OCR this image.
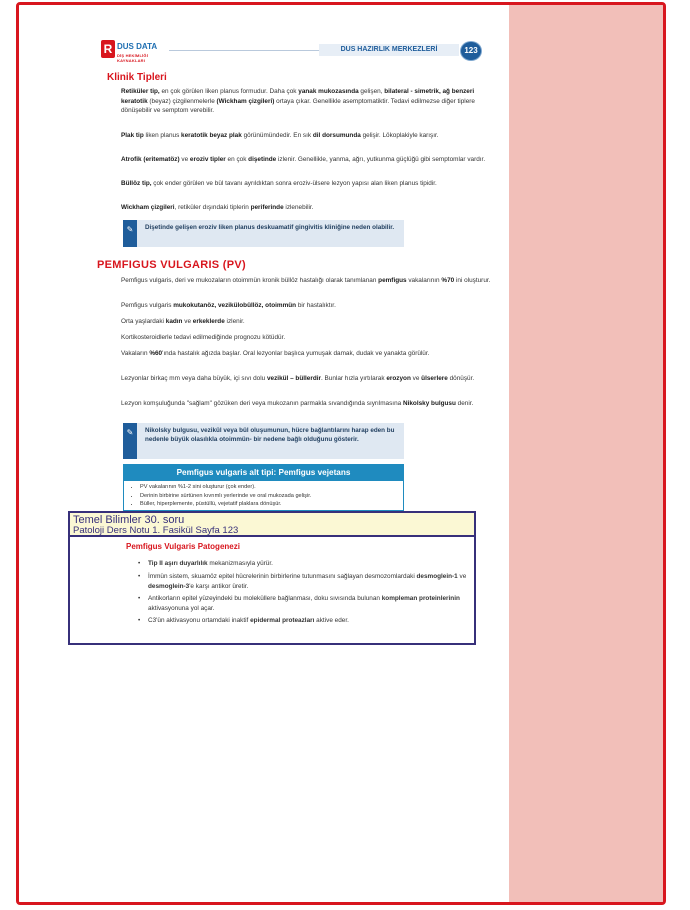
R DUS DATA
DİŞ HEKİMLİĞİ KAYNAKLARI
DUS HAZIRLIK MERKEZLERİ	123
Klinik Tipleri

Retiküler tip, en çok görülen liken planus formudur. Daha çok yanak mukozasında gelişen, bilateral - simetrik, ağ benzeri keratotik (beyaz) çizgilenmelerle (Wickham çizgileri) ortaya çıkar. Genellikle asemptomatiktir. Tedavi edilmezse diğer tiplere dönüşebilir ve semptom verebilir.

Plak tip liken planus keratotik beyaz plak görünümündedir. En sık dil dorsumunda gelişir. Lökoplakiyle karışır.

Atrofik (eritematöz) ve eroziv tipler en çok dişetinde izlenir. Genellikle, yanma, ağrı, yutkunma güçlüğü gibi semptomlar vardır.

Büllöz tip, çok ender görülen ve bül tavanı ayrıldıktan sonra eroziv-ülsere lezyon yapısı alan liken planus tipidir.

Wickham çizgileri, retiküler dışındaki tiplerin periferinde izlenebilir.

✎	Dişetinde gelişen eroziv liken planus deskuamatif gingivitis kliniğine neden olabilir.

PEMFIGUS VULGARIS (PV)

Pemfigus vulgaris, deri ve mukozaların otoimmün kronik büllöz hastalığı olarak tanımlanan pemfigus vakalarının %70 ini oluşturur.

Pemfigus vulgaris mukokutanöz, vezikülobüllöz, otoimmün bir hastalıktır.

Orta yaşlardaki kadın ve erkeklerde izlenir.

Kortikosteroidlerle tedavi edilmediğinde prognozu kötüdür.

Vakaların %60'ında hastalık ağızda başlar. Oral lezyonlar başlıca yumuşak damak, dudak ve yanakta görülür.

Lezyonlar birkaç mm veya daha büyük, içi sıvı dolu vezikül – büllerdir. Bunlar hızla yırtılarak erozyon ve ülserlere dönüşür.

Lezyon komşuluğunda "sağlam" gözüken deri veya mukozanın parmakla sıvandığında sıyrılmasına Nikolsky bulgusu denir.

✎	Nikolsky bulgusu, vezikül veya bül oluşumunun, hücre bağlantılarını harap eden bu nedenle büyük olasılıkla otoimmün- bir nedene bağlı olduğunu gösterir.

Pemfigus vulgaris alt tipi: Pemfigus vejetans
• PV vakalarının %1-2 sini oluşturur (çok ender).
• Derinin birbirine sürtünen kıvrımlı yerlerinde ve oral mukozada gelişir.
• Büller, hiperplemente, püstüllü, vejetatif plaklara dönüşür.
Temel Bilimler 30. soru
Patoloji Ders Notu 1. Fasikül Sayfa 123
Pemfigus Vulgaris Patogenezi

• Tip II aşırı duyarlılık mekanizmasıyla yürür.

• İmmün sistem, skuamöz epitel hücrelerinin birbirlerine tutunmasını sağlayan desmozomlardaki desmoglein-1 ve desmoglein-3'e karşı antikor üretir.

• Antikorların epitel yüzeyindeki bu moleküllere bağlanması, doku sıvısında bulunan kompleman proteinlerinin aktivasyonuna yol açar.

• C3'ün aktivasyonu ortamdaki inaktif epidermal proteazları aktive eder.
